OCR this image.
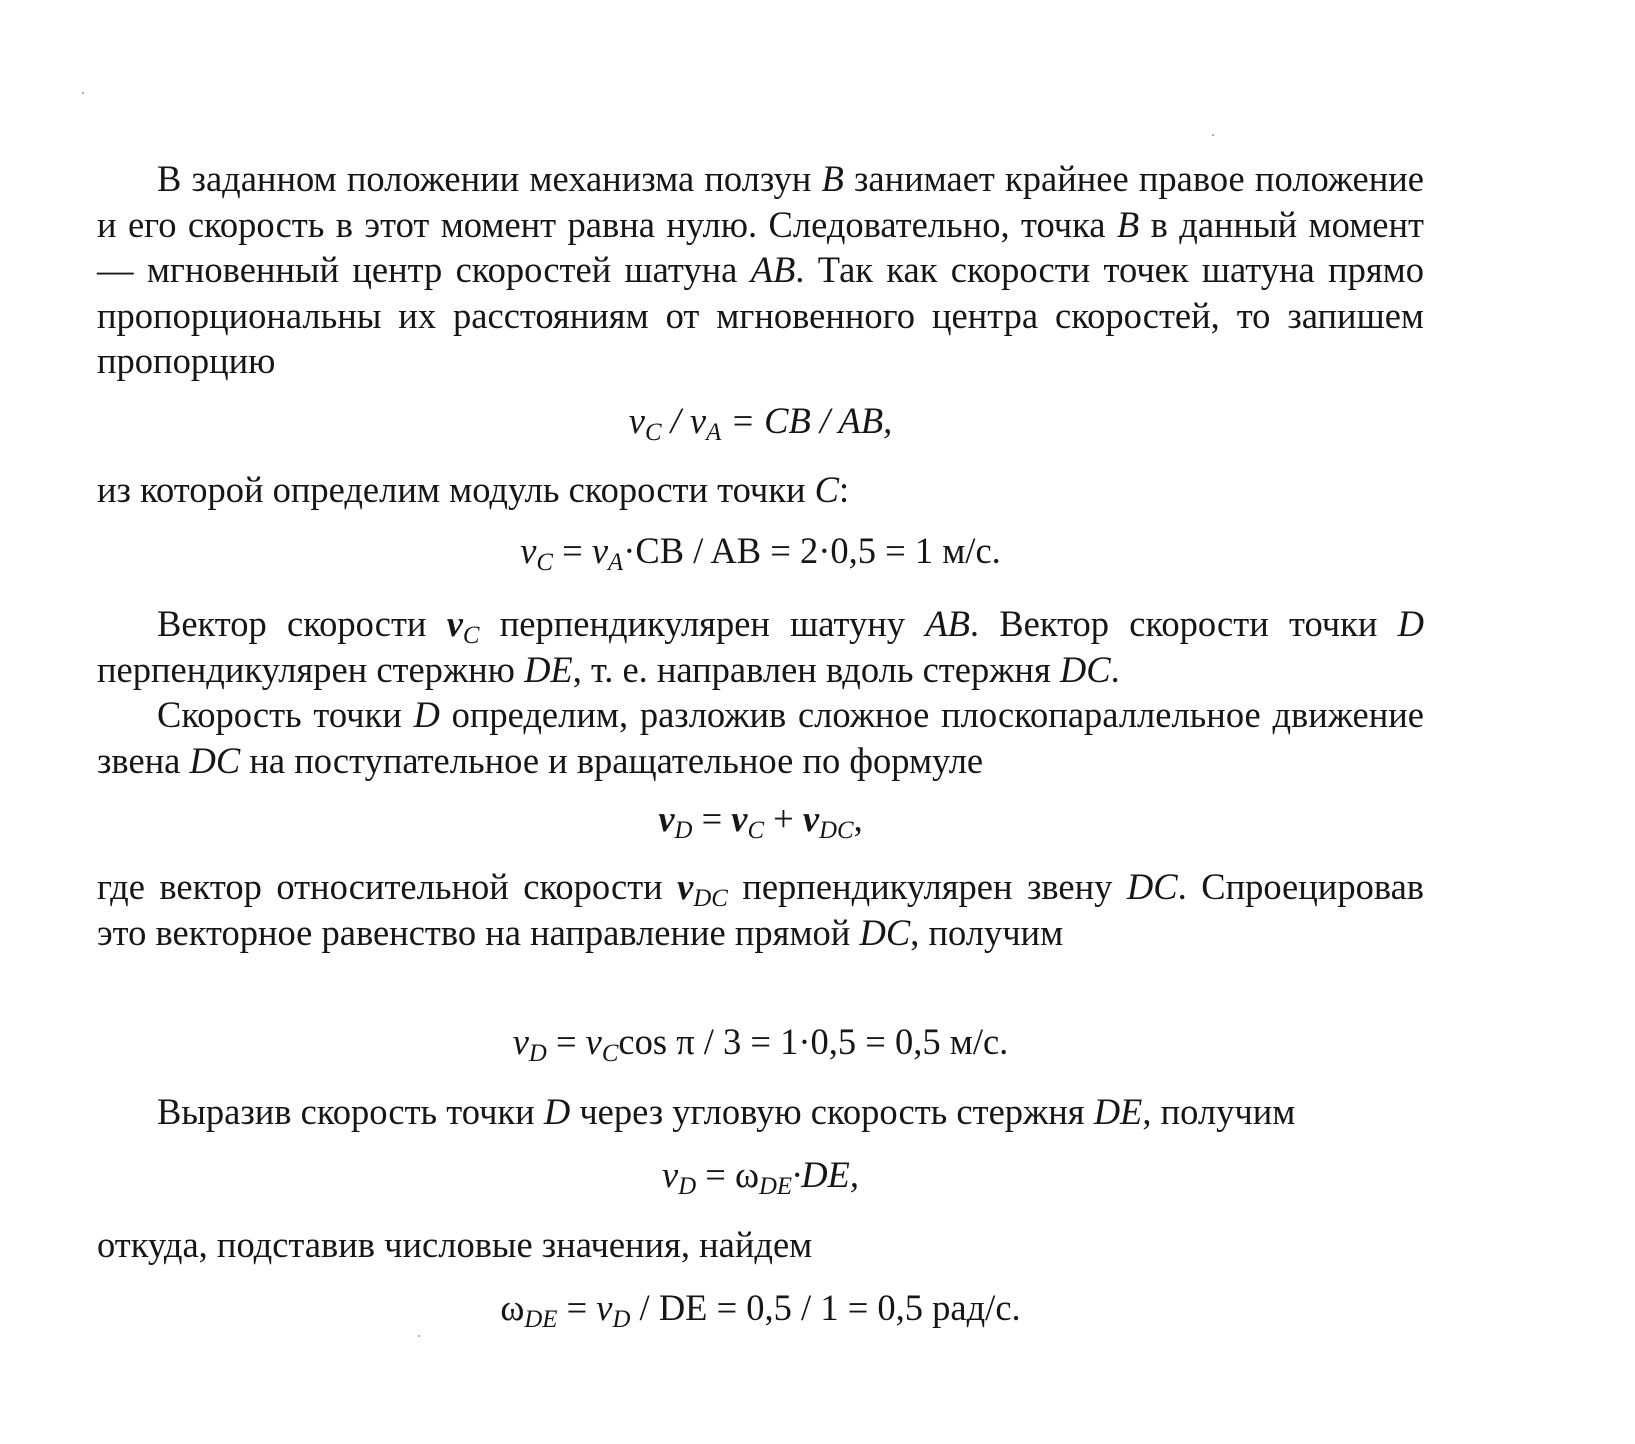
В заданном положении механизма ползун B занимает крайнее правое положение и его скорость в этот момент равна нулю. Следовательно, точка B в данный момент — мгновенный центр скоростей шатуна AB. Так как скорости точек шатуна прямо пропорциональны их расстояниям от мгновенного центра скоростей, то запишем пропорцию

$v_C / v_A$ = CB / AB,

из которой определим модуль скорости точки C:

$v_C = v_A\cdot CB$ / AB = 2·0,5 = 1 м/с.

Вектор скорости $v_C$ перпендикулярен шатуну AB. Вектор скорости точки D перпендикулярен стержню DE, т. е. направлен вдоль стержня DC.

Скорость точки D определим, разложив сложное плоскопараллельное движение звена DC на поступательное и вращательное по формуле

$v_D = v_C + v_{DC}$,

где вектор относительной скорости $v_{DC}$ перпендикулярен звену DC. Спроецировав это векторное равенство на направление прямой DC, получим

$v_D = v_C\cos$ π / 3 = 1·0,5 = 0,5 м/с.

Выразив скорость точки D через угловую скорость стержня DE, получим

$v_D = \omega_{DE}\cdot DE$,

откуда, подставив числовые значения, найдем

$\omega_{DE} = v_D$ / DE = 0,5 / 1 = 0,5 рад/с.
